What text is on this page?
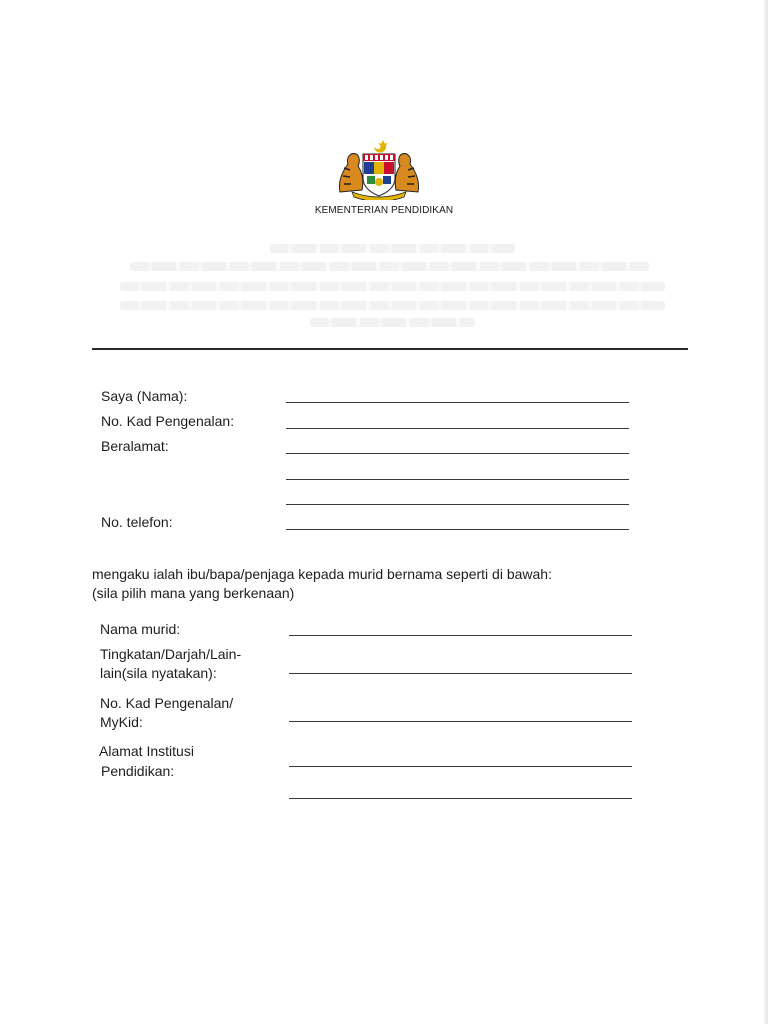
KEMENTERIAN PENDIDIKAN
Saya (Nama):
No. Kad Pengenalan:
Beralamat:
No. telefon:
mengaku ialah ibu/bapa/penjaga kepada murid bernama seperti di bawah:
(sila pilih mana yang berkenaan)
Nama murid:
Tingkatan/Darjah/Lain-
lain(sila nyatakan):
No. Kad Pengenalan/
MyKid:
Alamat Institusi
Pendidikan:
